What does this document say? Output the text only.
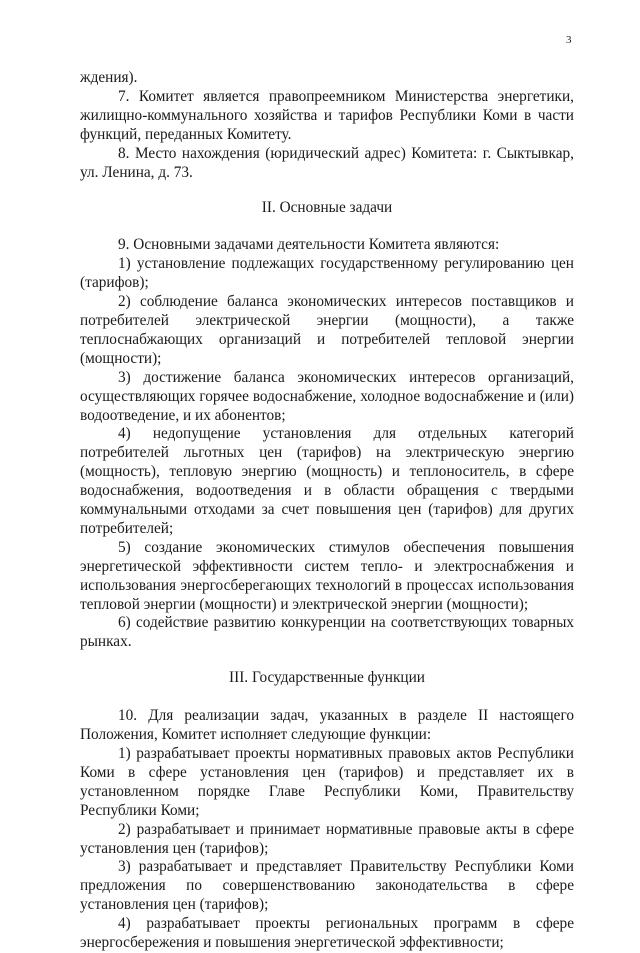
3

ждения).

7. Комитет является правопреемником Министерства энергетики, жилищно-коммунального хозяйства и тарифов Республики Коми в части функций, переданных Комитету.

8. Место нахождения (юридический адрес) Комитета: г. Сыктывкар, ул. Ленина, д. 73.

II. Основные задачи

9. Основными задачами деятельности Комитета являются:

1) установление подлежащих государственному регулированию цен (тарифов);

2) соблюдение баланса экономических интересов поставщиков и потребителей электрической энергии (мощности), а также теплоснабжающих организаций и потребителей тепловой энергии (мощности);

3) достижение баланса экономических интересов организаций, осуществляющих горячее водоснабжение, холодное водоснабжение и (или) водоотведение, и их абонентов;

4) недопущение установления для отдельных категорий потребителей льготных цен (тарифов) на электрическую энергию (мощность), тепловую энергию (мощность) и теплоноситель, в сфере водоснабжения, водоотведения и в области обращения с твердыми коммунальными отходами за счет повышения цен (тарифов) для других потребителей;

5) создание экономических стимулов обеспечения повышения энергетической эффективности систем тепло- и электроснабжения и использования энергосберегающих технологий в процессах использования тепловой энергии (мощности) и электрической энергии (мощности);

6) содействие развитию конкуренции на соответствующих товарных рынках.

III. Государственные функции

10. Для реализации задач, указанных в разделе II настоящего Положения, Комитет исполняет следующие функции:

1) разрабатывает проекты нормативных правовых актов Республики Коми в сфере установления цен (тарифов) и представляет их в установленном порядке Главе Республики Коми, Правительству Республики Коми;

2) разрабатывает и принимает нормативные правовые акты в сфере установления цен (тарифов);

3) разрабатывает и представляет Правительству Республики Коми предложения по совершенствованию законодательства в сфере установления цен (тарифов);

4) разрабатывает проекты региональных программ в сфере энергосбережения и повышения энергетической эффективности;
